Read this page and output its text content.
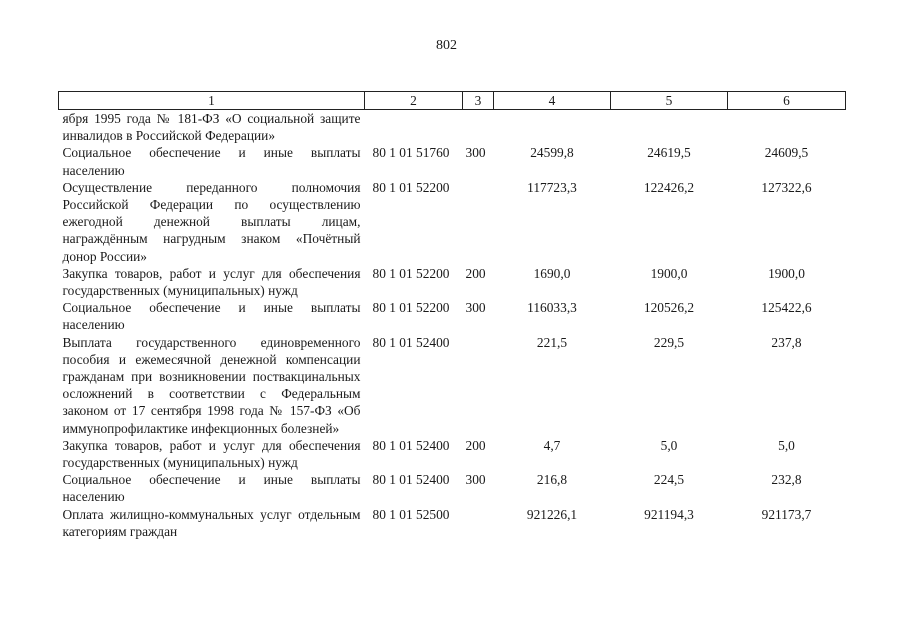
802
1	2	3	4	5	6
ября 1995 года № 181-ФЗ «О социальной защите инвалидов в Российской Федерации»					
Социальное обеспечение и иные выплаты населению	80 1 01 51760	300	24599,8	24619,5	24609,5
Осуществление переданного полномочия Российской Федерации по осуществлению ежегодной денежной выплаты лицам, награждённым нагрудным знаком «Почётный донор России»	80 1 01 52200		117723,3	122426,2	127322,6
Закупка товаров, работ и услуг для обеспечения государственных (муниципальных) нужд	80 1 01 52200	200	1690,0	1900,0	1900,0
Социальное обеспечение и иные выплаты населению	80 1 01 52200	300	116033,3	120526,2	125422,6
Выплата государственного единовременного пособия и ежемесячной денежной компенсации гражданам при возникновении поствакцинальных осложнений в соответствии с Федеральным законом от 17 сентября 1998 года № 157-ФЗ «Об иммунопрофилактике инфекционных болезней»	80 1 01 52400		221,5	229,5	237,8
Закупка товаров, работ и услуг для обеспечения государственных (муниципальных) нужд	80 1 01 52400	200	4,7	5,0	5,0
Социальное обеспечение и иные выплаты населению	80 1 01 52400	300	216,8	224,5	232,8
Оплата жилищно-коммунальных услуг отдельным категориям граждан	80 1 01 52500		921226,1	921194,3	921173,7
